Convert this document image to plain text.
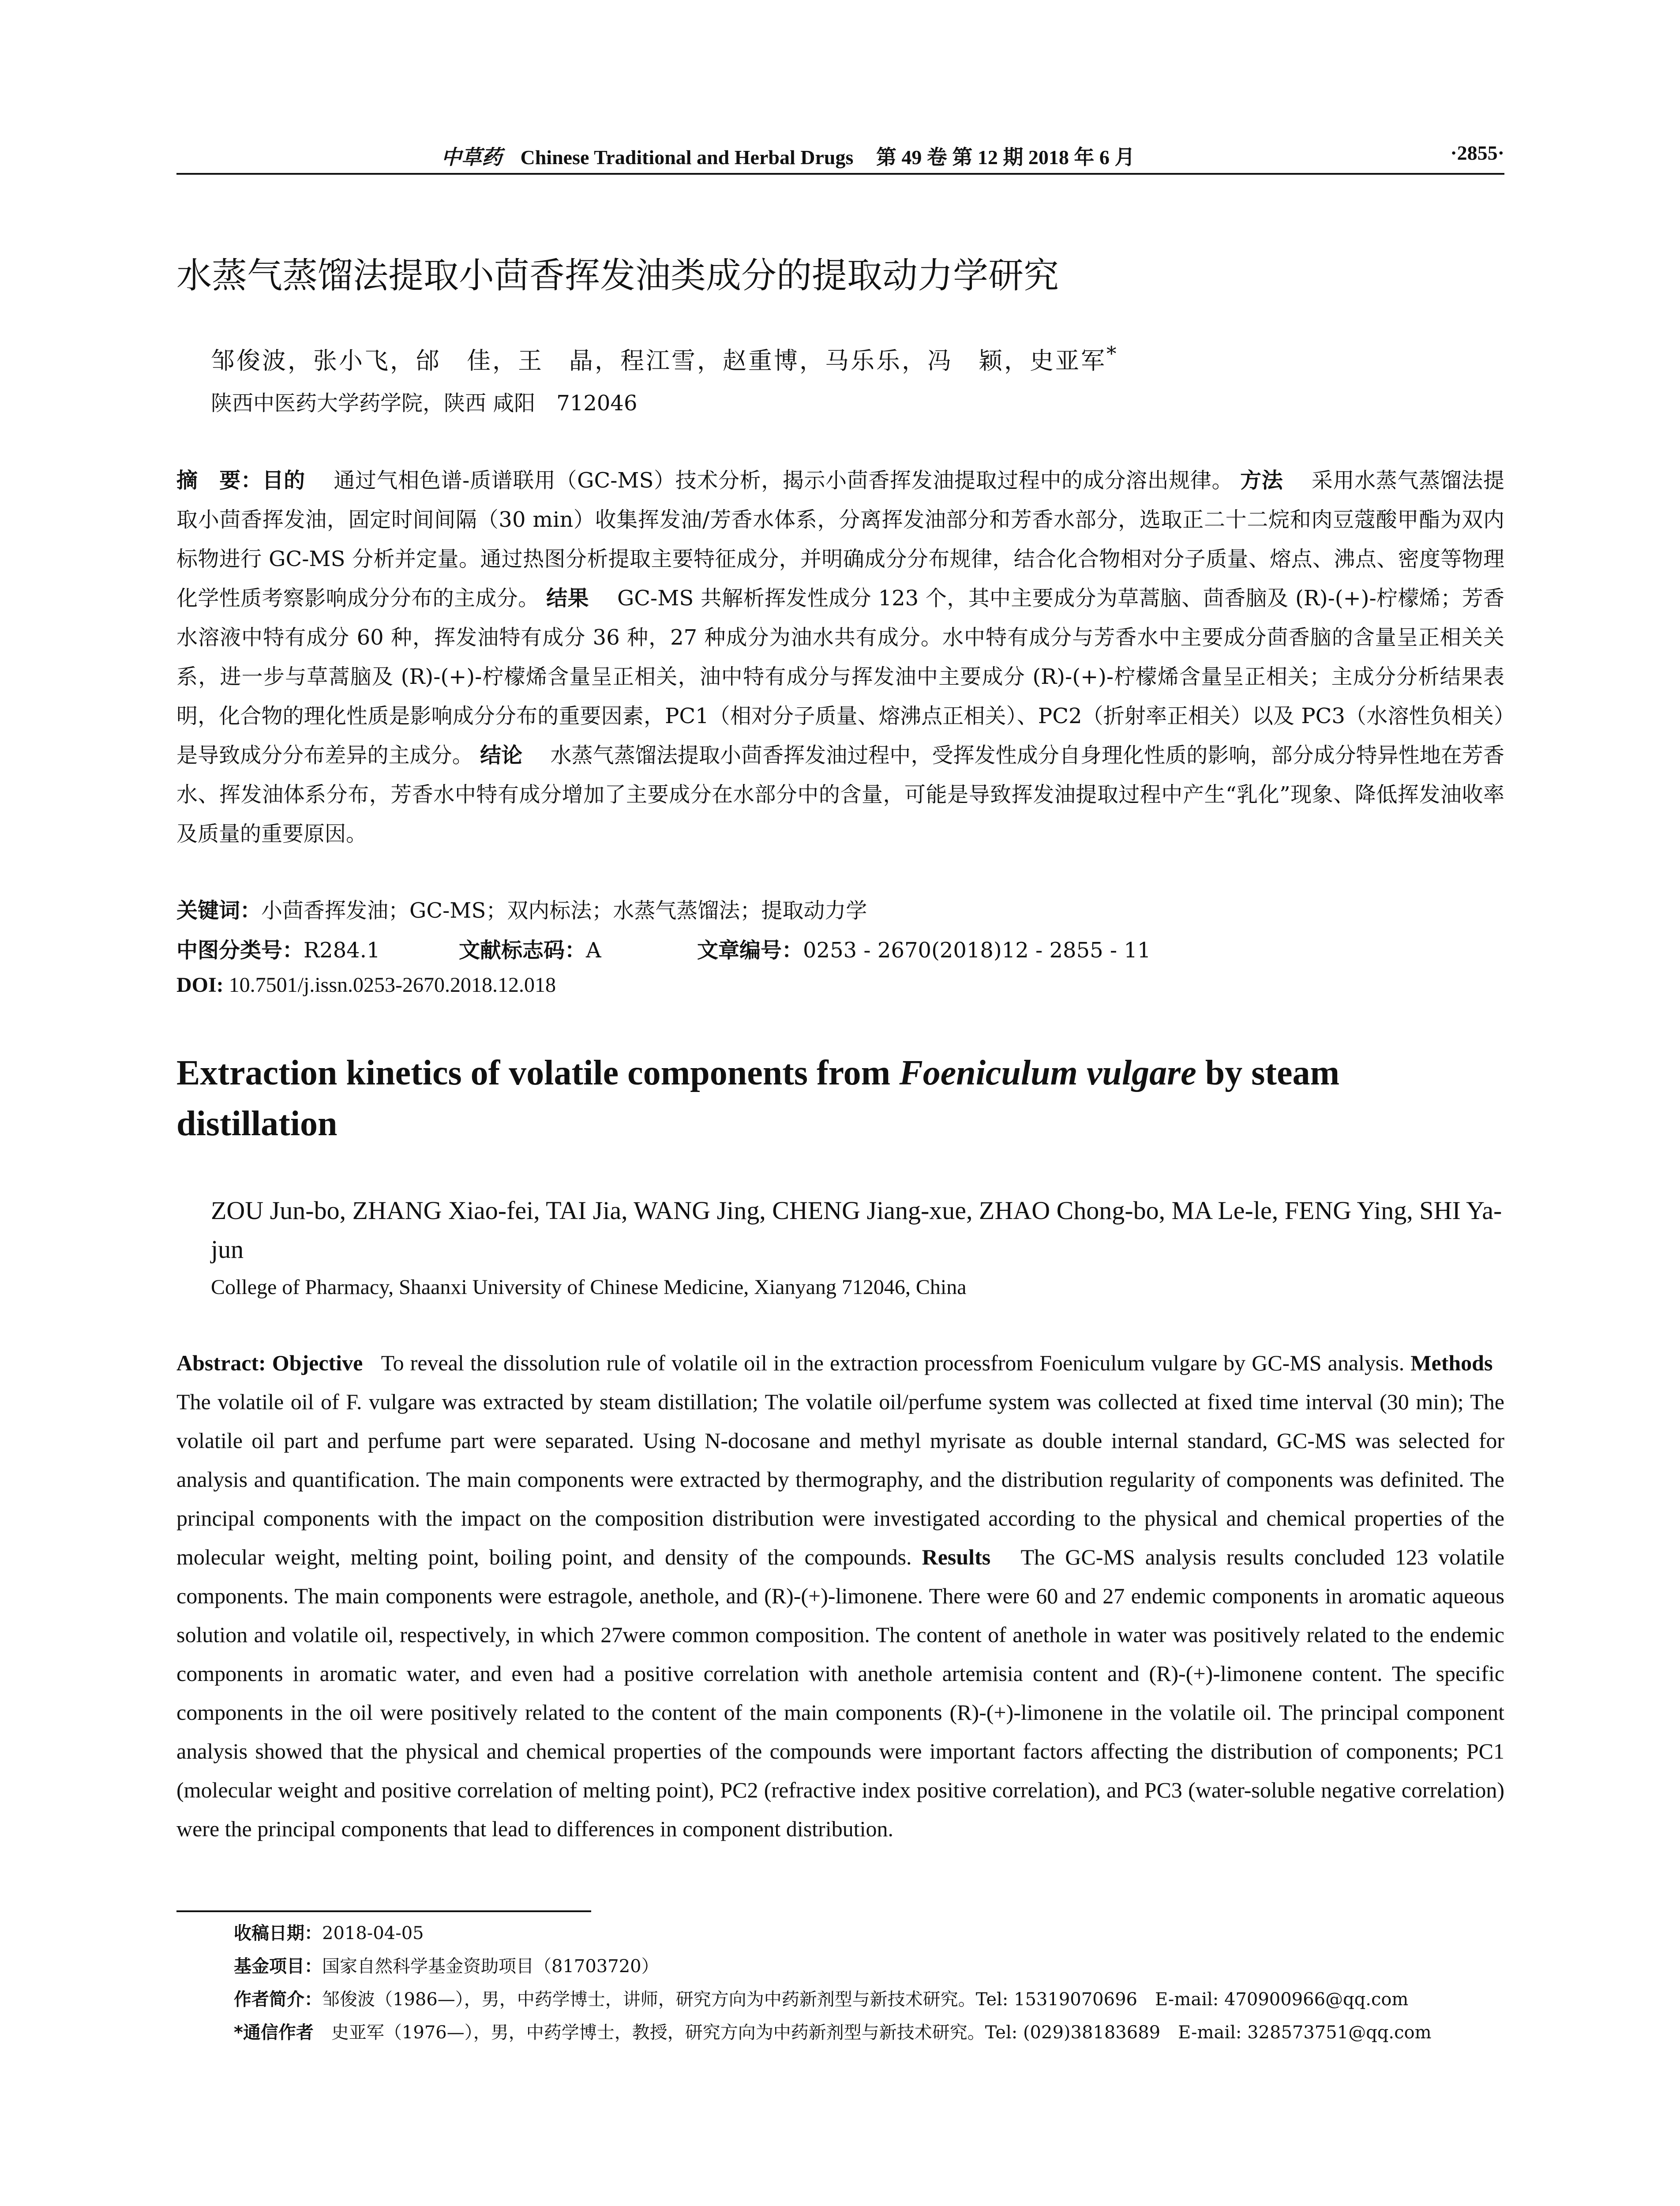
中草药 Chinese Traditional and Herbal Drugs 第 49 卷 第 12 期 2018 年 6 月	·2855·
水蒸气蒸馏法提取小茴香挥发油类成分的提取动力学研究
邹俊波，张小飞，邰　佳，王　晶，程江雪，赵重博，马乐乐，冯　颖，史亚军*
陕西中医药大学药学院，陕西 咸阳　712046
摘　要：目的　 通过气相色谱-质谱联用（GC-MS）技术分析，揭示小茴香挥发油提取过程中的成分溶出规律。 方法　 采用水蒸气蒸馏法提取小茴香挥发油，固定时间间隔（30 min）收集挥发油/芳香水体系，分离挥发油部分和芳香水部分，选取正二十二烷和肉豆蔻酸甲酯为双内标物进行 GC-MS 分析并定量。通过热图分析提取主要特征成分，并明确成分分布规律，结合化合物相对分子质量、熔点、沸点、密度等物理化学性质考察影响成分分布的主成分。 结果　 GC-MS 共解析挥发性成分 123 个，其中主要成分为草蒿脑、茴香脑及 (R)-(+)-柠檬烯；芳香水溶液中特有成分 60 种，挥发油特有成分 36 种，27 种成分为油水共有成分。水中特有成分与芳香水中主要成分茴香脑的含量呈正相关关系，进一步与草蒿脑及 (R)-(+)-柠檬烯含量呈正相关，油中特有成分与挥发油中主要成分 (R)-(+)-柠檬烯含量呈正相关；主成分分析结果表明，化合物的理化性质是影响成分分布的重要因素，PC1（相对分子质量、熔沸点正相关）、PC2（折射率正相关）以及 PC3（水溶性负相关）是导致成分分布差异的主成分。 结论　 水蒸气蒸馏法提取小茴香挥发油过程中，受挥发性成分自身理化性质的影响，部分成分特异性地在芳香水、挥发油体系分布，芳香水中特有成分增加了主要成分在水部分中的含量，可能是导致挥发油提取过程中产生“乳化”现象、降低挥发油收率及质量的重要原因。
关键词：小茴香挥发油；GC-MS；双内标法；水蒸气蒸馏法；提取动力学
中图分类号：R284.1	文献标志码：A	文章编号：0253 - 2670(2018)12 - 2855 - 11
DOI: 10.7501/j.issn.0253-2670.2018.12.018
Extraction kinetics of volatile components from Foeniculum vulgare by steam distillation
ZOU Jun-bo, ZHANG Xiao-fei, TAI Jia, WANG Jing, CHENG Jiang-xue, ZHAO Chong-bo, MA Le-le, FENG Ying, SHI Ya-jun
College of Pharmacy, Shaanxi University of Chinese Medicine, Xianyang 712046, China
Abstract: Objective To reveal the dissolution rule of volatile oil in the extraction processfrom Foeniculum vulgare by GC-MS analysis. Methods   The volatile oil of F. vulgare was extracted by steam distillation; The volatile oil/perfume system was collected at fixed time interval (30 min); The volatile oil part and perfume part were separated. Using N-docosane and methyl myrisate as double internal standard, GC-MS was selected for analysis and quantification. The main components were extracted by thermography, and the distribution regularity of components was definited. The principal components with the impact on the composition distribution were investigated according to the physical and chemical properties of the molecular weight, melting point, boiling point, and density of the compounds. Results The GC-MS analysis results concluded 123 volatile components. The main components were estragole, anethole, and (R)-(+)-limonene. There were 60 and 27 endemic components in aromatic aqueous solution and volatile oil, respectively, in which 27were common composition. The content of anethole in water was positively related to the endemic components in aromatic water, and even had a positive correlation with anethole artemisia content and (R)-(+)-limonene content. The specific components in the oil were positively related to the content of the main components (R)-(+)-limonene in the volatile oil. The principal component analysis showed that the physical and chemical properties of the compounds were important factors affecting the distribution of components; PC1 (molecular weight and positive correlation of melting point), PC2 (refractive index positive correlation), and PC3 (water-soluble negative correlation) were the principal components that lead to differences in component distribution.
收稿日期：2018-04-05
基金项目：国家自然科学基金资助项目（81703720）
作者简介：邹俊波（1986—），男，中药学博士，讲师，研究方向为中药新剂型与新技术研究。Tel: 15319070696　E-mail: 470900966@qq.com
*通信作者　 史亚军（1976—），男，中药学博士，教授，研究方向为中药新剂型与新技术研究。Tel: (029)38183689　E-mail: 328573751@qq.com
